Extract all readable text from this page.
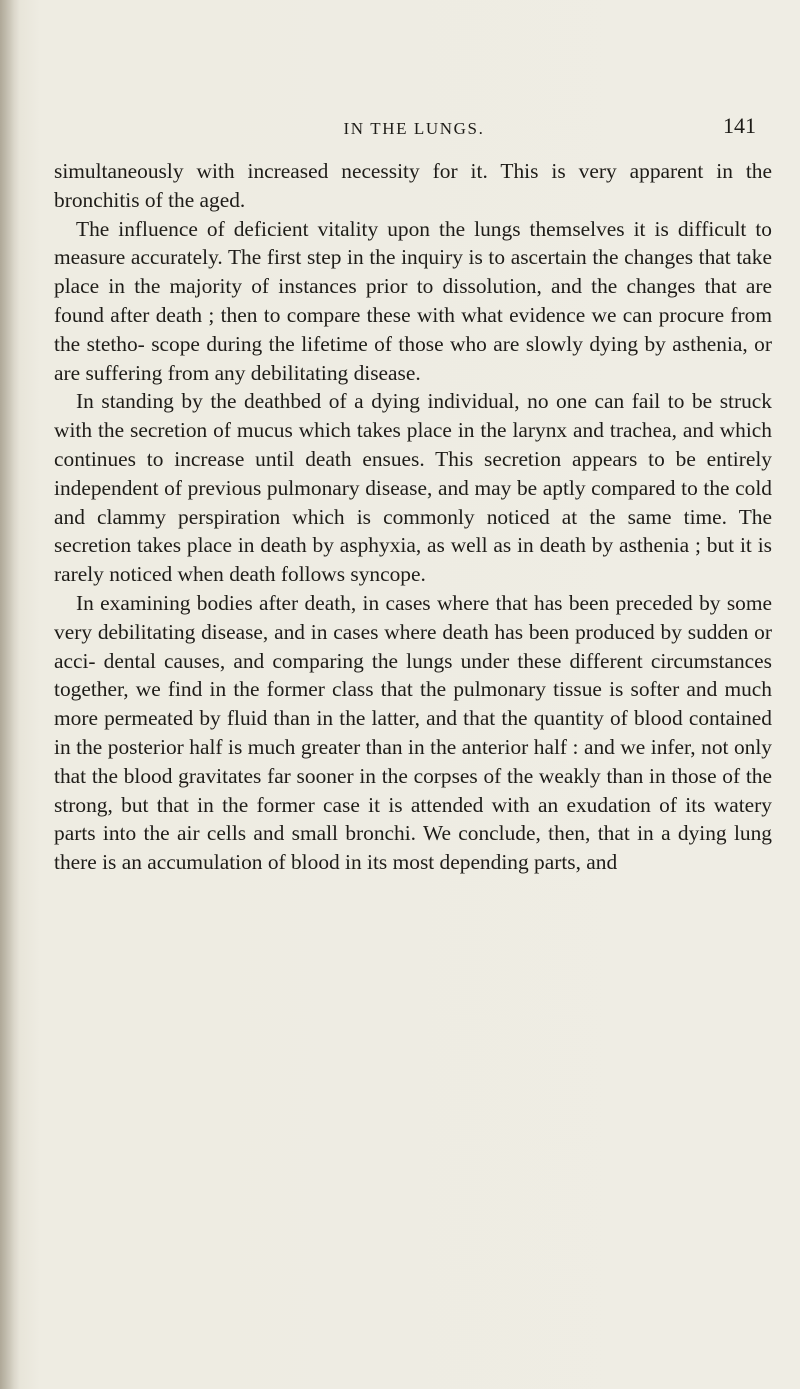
IN THE LUNGS.	141

simultaneously with increased necessity for it. This is very apparent in the bronchitis of the aged.

The influence of deficient vitality upon the lungs themselves it is difficult to measure accurately. The first step in the inquiry is to ascertain the changes that take place in the majority of instances prior to dissolution, and the changes that are found after death ; then to compare these with what evidence we can procure from the stetho- scope during the lifetime of those who are slowly dying by asthenia, or are suffering from any debilitating disease.

In standing by the deathbed of a dying individual, no one can fail to be struck with the secretion of mucus which takes place in the larynx and trachea, and which continues to increase until death ensues. This secretion appears to be entirely independent of previous pulmonary disease, and may be aptly compared to the cold and clammy perspiration which is commonly noticed at the same time. The secretion takes place in death by asphyxia, as well as in death by asthenia ; but it is rarely noticed when death follows syncope.

In examining bodies after death, in cases where that has been preceded by some very debilitating disease, and in cases where death has been produced by sudden or acci- dental causes, and comparing the lungs under these different circumstances together, we find in the former class that the pulmonary tissue is softer and much more permeated by fluid than in the latter, and that the quantity of blood contained in the posterior half is much greater than in the anterior half : and we infer, not only that the blood gravitates far sooner in the corpses of the weakly than in those of the strong, but that in the former case it is attended with an exudation of its watery parts into the air cells and small bronchi. We conclude, then, that in a dying lung there is an accumulation of blood in its most depending parts, and
